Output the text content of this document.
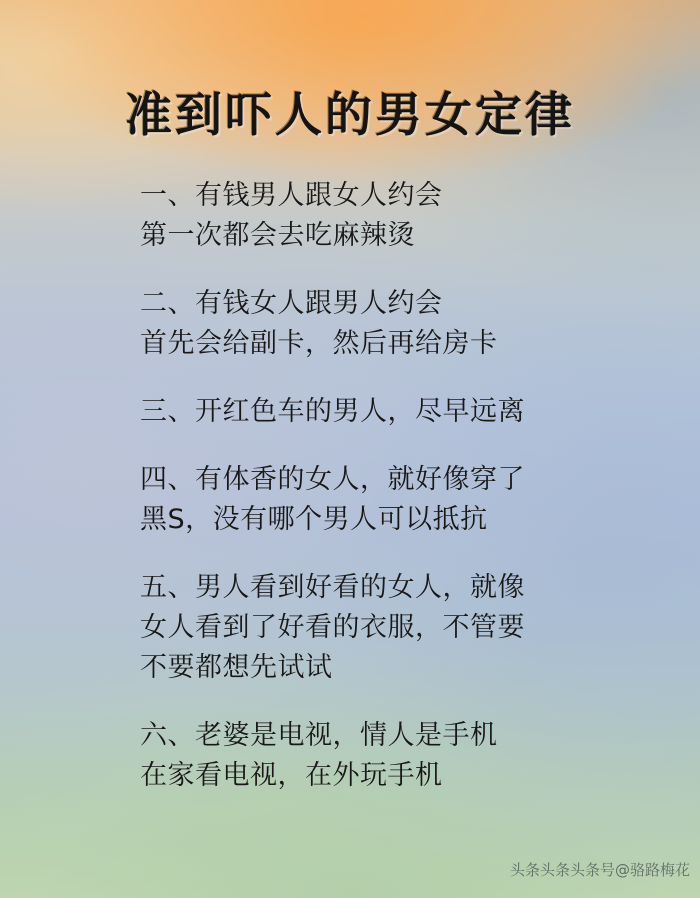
准到吓人的男女定律
一、有钱男人跟女人约会
第一次都会去吃麻辣烫
二、有钱女人跟男人约会
首先会给副卡，然后再给房卡
三、开红色车的男人，尽早远离
四、有体香的女人，就好像穿了
黑S，没有哪个男人可以抵抗
五、男人看到好看的女人，就像
女人看到了好看的衣服，不管要
不要都想先试试
六、老婆是电视，情人是手机
在家看电视，在外玩手机
头条头条头条号@骆路梅花
